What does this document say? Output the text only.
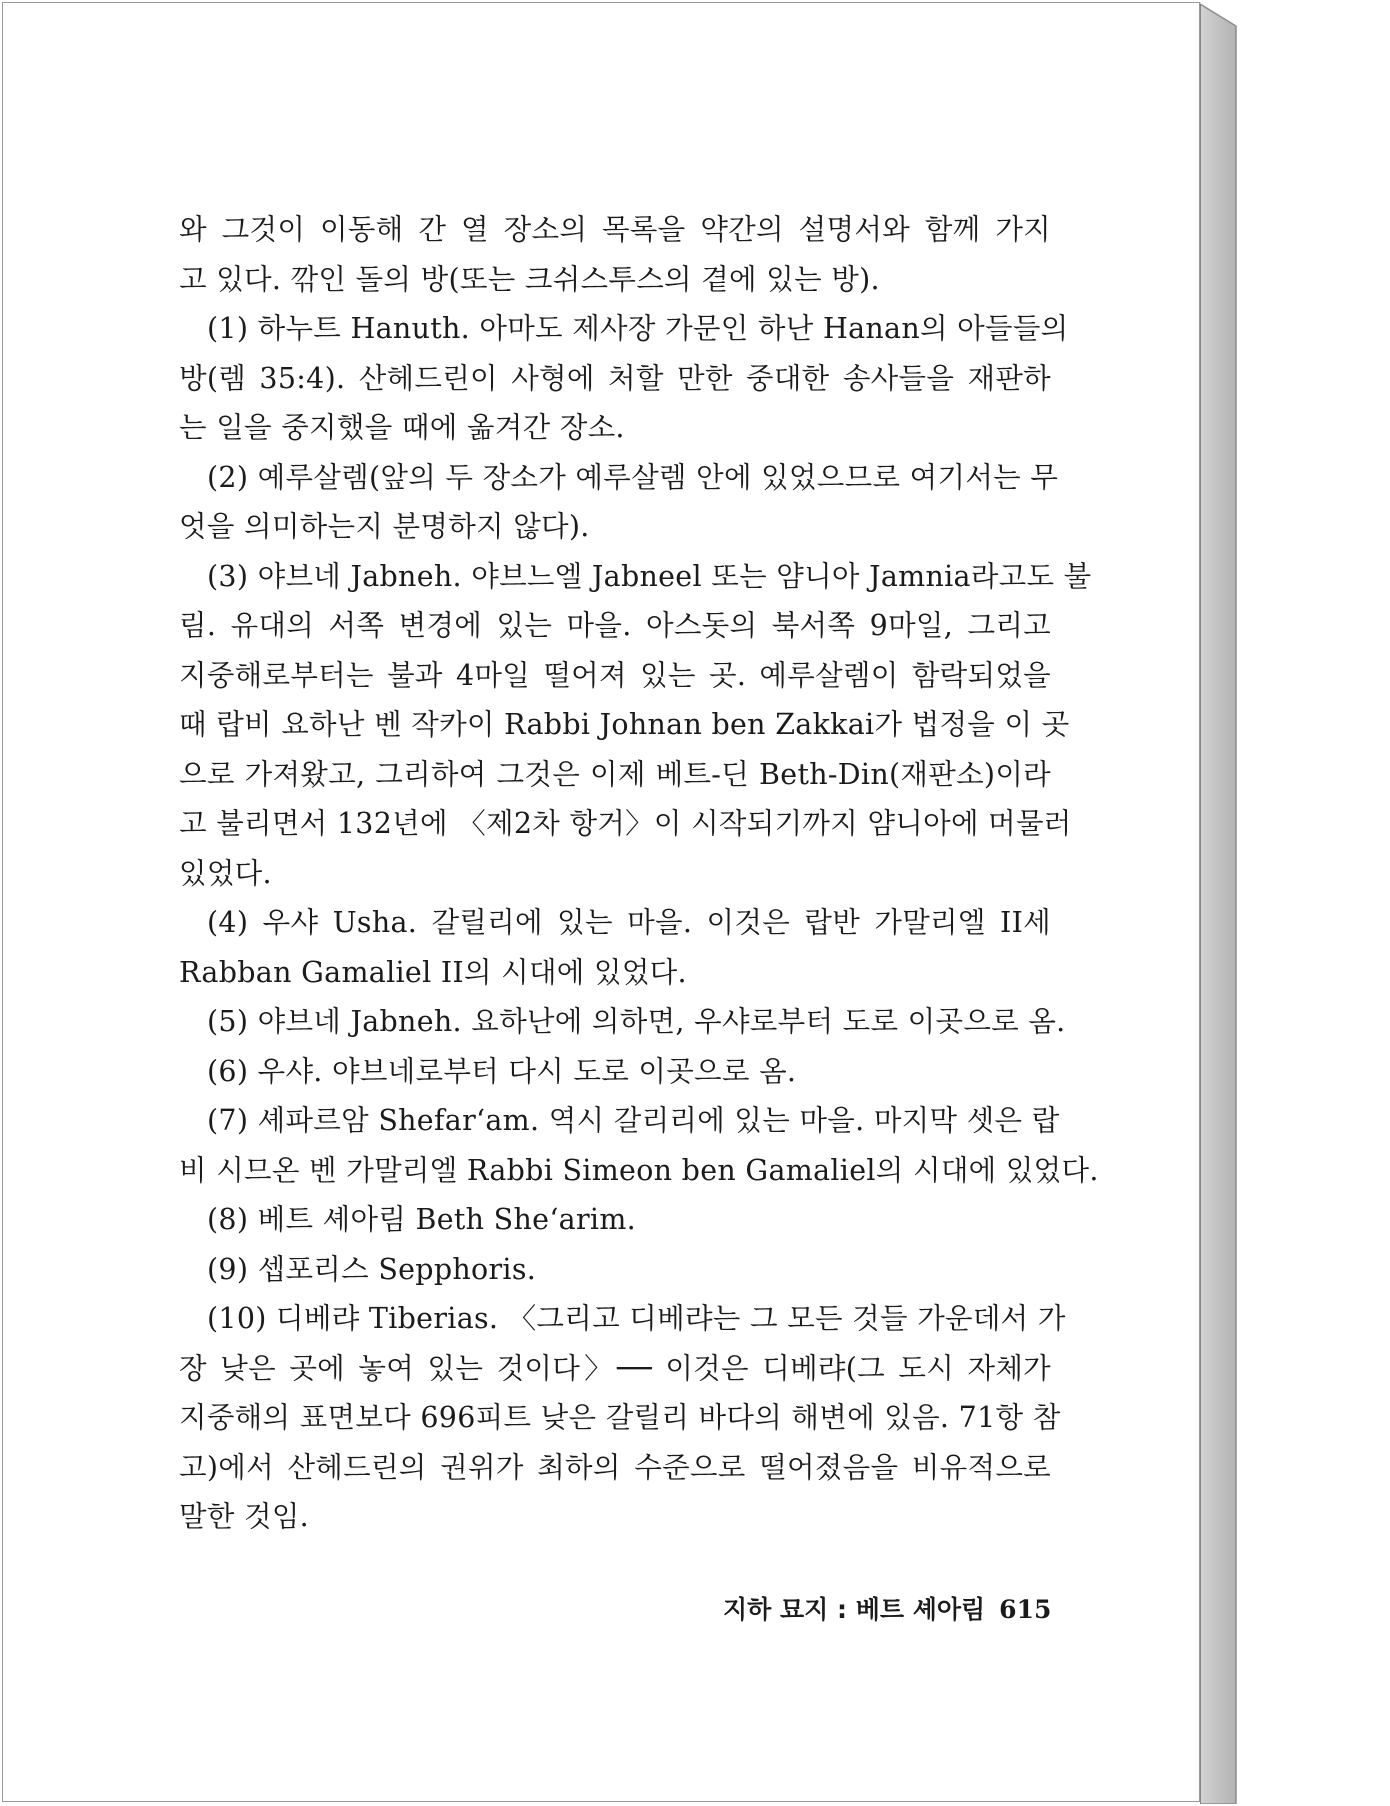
와 그것이 이동해 간 열 장소의 목록을 약간의 설명서와 함께 가지
고 있다. 깎인 돌의 방(또는 크쉬스투스의 곁에 있는 방).
(1) 하누트 Hanuth. 아마도 제사장 가문인 하난 Hanan의 아들들의
방(렘 35:4). 산헤드린이 사형에 처할 만한 중대한 송사들을 재판하
는 일을 중지했을 때에 옮겨간 장소.
(2) 예루살렘(앞의 두 장소가 예루살렘 안에 있었으므로 여기서는 무
엇을 의미하는지 분명하지 않다).
(3) 야브네 Jabneh. 야브느엘 Jabneel 또는 얌니아 Jamnia라고도 불
림. 유대의 서쪽 변경에 있는 마을. 아스돗의 북서쪽 9마일, 그리고
지중해로부터는 불과 4마일 떨어져 있는 곳. 예루살렘이 함락되었을
때 랍비 요하난 벤 작카이 Rabbi Johnan ben Zakkai가 법정을 이 곳
으로 가져왔고, 그리하여 그것은 이제 베트-딘 Beth-Din(재판소)이라
고 불리면서 132년에 〈제2차 항거〉이 시작되기까지 얌니아에 머물러
있었다.
(4) 우샤 Usha. 갈릴리에 있는 마을. 이것은 랍반 가말리엘 II세
Rabban Gamaliel II의 시대에 있었다.
(5) 야브네 Jabneh. 요하난에 의하면, 우샤로부터 도로 이곳으로 옴.
(6) 우샤. 야브네로부터 다시 도로 이곳으로 옴.
(7) 셰파르암 Shefar‘am. 역시 갈리리에 있는 마을. 마지막 셋은 랍
비 시므온 벤 가말리엘 Rabbi Simeon ben Gamaliel의 시대에 있었다.
(8) 베트 셰아림 Beth She‘arim.
(9) 셉포리스 Sepphoris.
(10) 디베랴 Tiberias. 〈그리고 디베랴는 그 모든 것들 가운데서 가
장 낮은 곳에 놓여 있는 것이다〉── 이것은 디베랴(그 도시 자체가
지중해의 표면보다 696피트 낮은 갈릴리 바다의 해변에 있음. 71항 참
고)에서 산헤드린의 권위가 최하의 수준으로 떨어졌음을 비유적으로
말한 것임.
지하 묘지 : 베트 셰아림 615
